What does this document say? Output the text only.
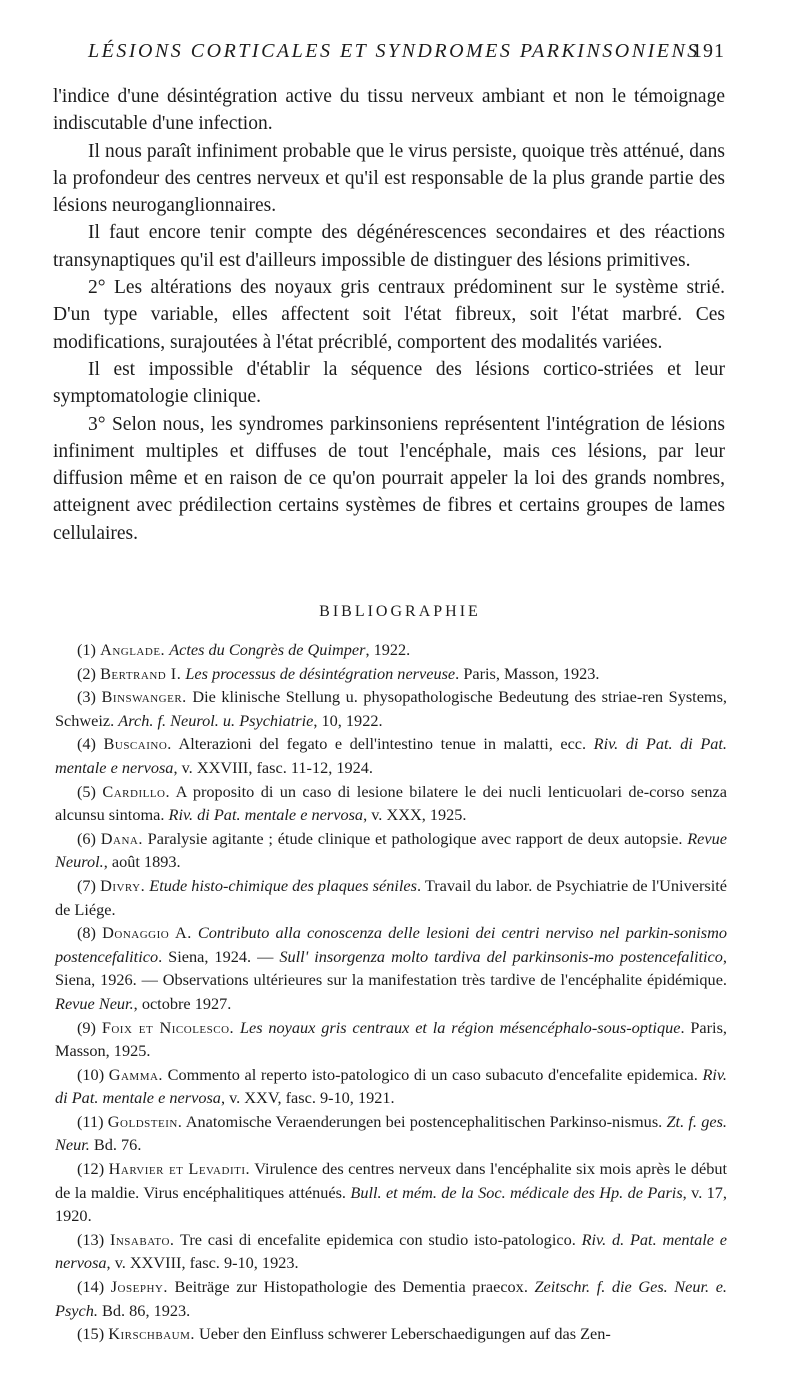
LÉSIONS CORTICALES ET SYNDROMES PARKINSONIENS
191

l'indice d'une désintégration active du tissu nerveux ambiant et non le témoignage indiscutable d'une infection.

Il nous paraît infiniment probable que le virus persiste, quoique très atténué, dans la profondeur des centres nerveux et qu'il est responsable de la plus grande partie des lésions neuroganglionnaires.

Il faut encore tenir compte des dégénérescences secondaires et des réactions transynaptiques qu'il est d'ailleurs impossible de distinguer des lésions primitives.

2° Les altérations des noyaux gris centraux prédominent sur le système strié. D'un type variable, elles affectent soit l'état fibreux, soit l'état marbré. Ces modifications, surajoutées à l'état précriblé, comportent des modalités variées.

Il est impossible d'établir la séquence des lésions cortico-striées et leur symptomatologie clinique.

3° Selon nous, les syndromes parkinsoniens représentent l'intégration de lésions infiniment multiples et diffuses de tout l'encéphale, mais ces lésions, par leur diffusion même et en raison de ce qu'on pourrait appeler la loi des grands nombres, atteignent avec prédilection certains systèmes de fibres et certains groupes de lames cellulaires.

BIBLIOGRAPHIE

(1) Anglade. Actes du Congrès de Quimper, 1922.

(2) Bertrand I. Les processus de désintégration nerveuse. Paris, Masson, 1923.

(3) Binswanger. Die klinische Stellung u. physopathologische Bedeutung des striae-ren Systems, Schweiz. Arch. f. Neurol. u. Psychiatrie, 10, 1922.

(4) Buscaino. Alterazioni del fegato e dell'intestino tenue in malatti, ecc. Riv. di Pat. di Pat. mentale e nervosa, v. XXVIII, fasc. 11-12, 1924.

(5) Cardillo. A proposito di un caso di lesione bilatere le dei nucli lenticuolari de-corso senza alcunsu sintoma. Riv. di Pat. mentale e nervosa, v. XXX, 1925.

(6) Dana. Paralysie agitante ; étude clinique et pathologique avec rapport de deux autopsie. Revue Neurol., août 1893.

(7) Divry. Etude histo-chimique des plaques séniles. Travail du labor. de Psychiatrie de l'Université de Liége.

(8) Donaggio A. Contributo alla conoscenza delle lesioni dei centri nerviso nel parkin-sonismo postencefalitico. Siena, 1924. — Sull' insorgenza molto tardiva del parkinsonis-mo postencefalitico, Siena, 1926. — Observations ultérieures sur la manifestation très tardive de l'encéphalite épidémique. Revue Neur., octobre 1927.

(9) Foix et Nicolesco. Les noyaux gris centraux et la région mésencéphalo-sous-optique. Paris, Masson, 1925.

(10) Gamma. Commento al reperto isto-patologico di un caso subacuto d'encefalite epidemica. Riv. di Pat. mentale e nervosa, v. XXV, fasc. 9-10, 1921.

(11) Goldstein. Anatomische Veraenderungen bei postencephalitischen Parkinso-nismus. Zt. f. ges. Neur. Bd. 76.

(12) Harvier et Levaditi. Virulence des centres nerveux dans l'encéphalite six mois après le début de la maldie. Virus encéphalitiques atténués. Bull. et mém. de la Soc. médicale des Hp. de Paris, v. 17, 1920.

(13) Insabato. Tre casi di encefalite epidemica con studio isto-patologico. Riv. d. Pat. mentale e nervosa, v. XXVIII, fasc. 9-10, 1923.

(14) Josephy. Beiträge zur Histopathologie des Dementia praecox. Zeitschr. f. die Ges. Neur. e. Psych. Bd. 86, 1923.

(15) Kirschbaum. Ueber den Einfluss schwerer Leberschaedigungen auf das Zen-
